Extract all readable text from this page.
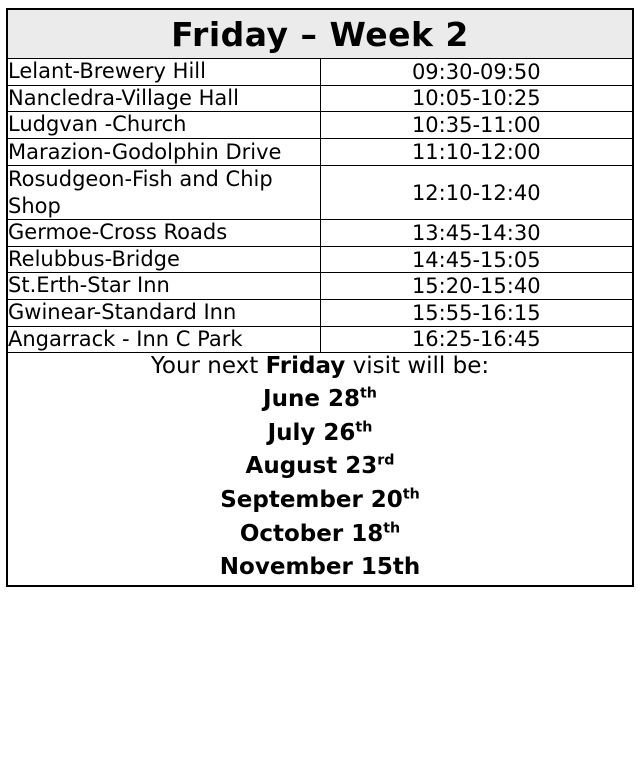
Friday – Week 2	
Lelant-Brewery Hill	09:30-09:50
Nancledra-Village Hall	10:05-10:25
Ludgvan -Church	10:35-11:00
Marazion-Godolphin Drive	11:10-12:00
Rosudgeon-Fish and Chip Shop	12:10-12:40
Germoe-Cross Roads	13:45-14:30
Relubbus-Bridge	14:45-15:05
St.Erth-Star Inn	15:20-15:40
Gwinear-Standard Inn	15:55-16:15
Angarrack - Inn C Park	16:25-16:45

Your next Friday visit will be:
June 28th
July 26th
August 23rd
September 20th
October 18th
November 15th
